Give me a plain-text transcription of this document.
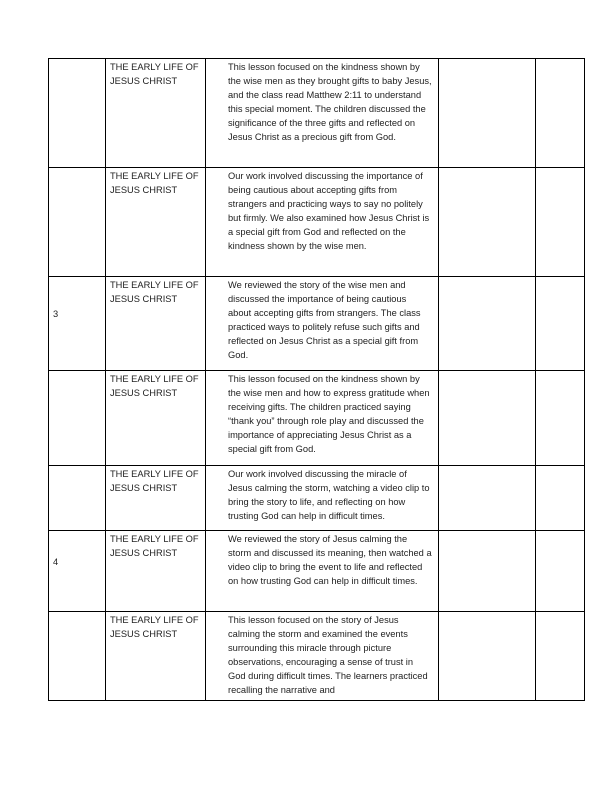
	THE EARLY LIFE OF JESUS CHRIST	This lesson focused on the kindness shown by the wise men as they brought gifts to baby Jesus, and the class read Matthew 2:11 to understand this special moment. The children discussed the significance of the three gifts and reflected on Jesus Christ as a precious gift from God.		
	THE EARLY LIFE OF JESUS CHRIST	Our work involved discussing the importance of being cautious about accepting gifts from strangers and practicing ways to say no politely but firmly. We also examined how Jesus Christ is a special gift from God and reflected on the kindness shown by the wise men.		
3	THE EARLY LIFE OF JESUS CHRIST	We reviewed the story of the wise men and discussed the importance of being cautious about accepting gifts from strangers. The class practiced ways to politely refuse such gifts and reflected on Jesus Christ as a special gift from God.		
	THE EARLY LIFE OF JESUS CHRIST	This lesson focused on the kindness shown by the wise men and how to express gratitude when receiving gifts. The children practiced saying “thank you” through role play and discussed the importance of appreciating Jesus Christ as a special gift from God.		
	THE EARLY LIFE OF JESUS CHRIST	Our work involved discussing the miracle of Jesus calming the storm, watching a video clip to bring the story to life, and reflecting on how trusting God can help in difficult times.		
4	THE EARLY LIFE OF JESUS CHRIST	We reviewed the story of Jesus calming the storm and discussed its meaning, then watched a video clip to bring the event to life and reflected on how trusting God can help in difficult times.		
	THE EARLY LIFE OF JESUS CHRIST	This lesson focused on the story of Jesus calming the storm and examined the events surrounding this miracle through picture observations, encouraging a sense of trust in God during difficult times. The learners practiced recalling the narrative and		
